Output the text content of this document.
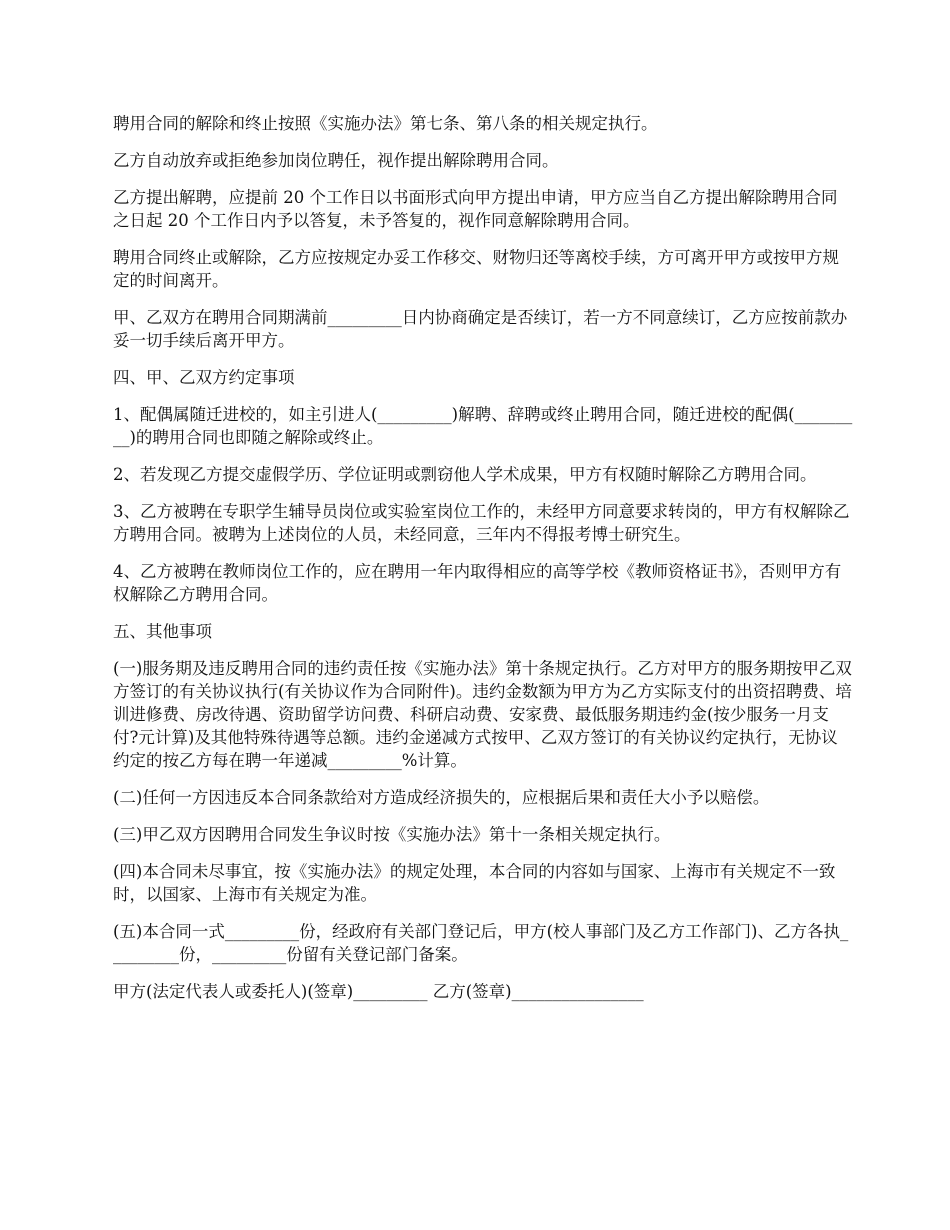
聘用合同的解除和终止按照《实施办法》第七条、第八条的相关规定执行。

乙方自动放弃或拒绝参加岗位聘任，视作提出解除聘用合同。

乙方提出解聘，应提前 20 个工作日以书面形式向甲方提出申请，甲方应当自乙方提出解除聘用合同之日起 20 个工作日内予以答复，未予答复的，视作同意解除聘用合同。

聘用合同终止或解除，乙方应按规定办妥工作移交、财物归还等离校手续，方可离开甲方或按甲方规定的时间离开。

甲、乙双方在聘用合同期满前_________日内协商确定是否续订，若一方不同意续订，乙方应按前款办妥一切手续后离开甲方。

四、甲、乙双方约定事项

1、配偶属随迁进校的，如主引进人(_________)解聘、辞聘或终止聘用合同，随迁进校的配偶(_________)的聘用合同也即随之解除或终止。

2、若发现乙方提交虚假学历、学位证明或剽窃他人学术成果，甲方有权随时解除乙方聘用合同。

3、乙方被聘在专职学生辅导员岗位或实验室岗位工作的，未经甲方同意要求转岗的，甲方有权解除乙方聘用合同。被聘为上述岗位的人员，未经同意，三年内不得报考博士研究生。

4、乙方被聘在教师岗位工作的，应在聘用一年内取得相应的高等学校《教师资格证书》，否则甲方有权解除乙方聘用合同。

五、其他事项

(一)服务期及违反聘用合同的违约责任按《实施办法》第十条规定执行。乙方对甲方的服务期按甲乙双方签订的有关协议执行(有关协议作为合同附件)。违约金数额为甲方为乙方实际支付的出资招聘费、培训进修费、房改待遇、资助留学访问费、科研启动费、安家费、最低服务期违约金(按少服务一月支付?元计算)及其他特殊待遇等总额。违约金递减方式按甲、乙双方签订的有关协议约定执行，无协议约定的按乙方每在聘一年递减_________%计算。

(二)任何一方因违反本合同条款给对方造成经济损失的，应根据后果和责任大小予以赔偿。

(三)甲乙双方因聘用合同发生争议时按《实施办法》第十一条相关规定执行。

(四)本合同未尽事宜，按《实施办法》的规定处理，本合同的内容如与国家、上海市有关规定不一致时，以国家、上海市有关规定为准。

(五)本合同一式_________份，经政府有关部门登记后，甲方(校人事部门及乙方工作部门)、乙方各执_________份，_________份留有关登记部门备案。

甲方(法定代表人或委托人)(签章)_________ 乙方(签章)________________
